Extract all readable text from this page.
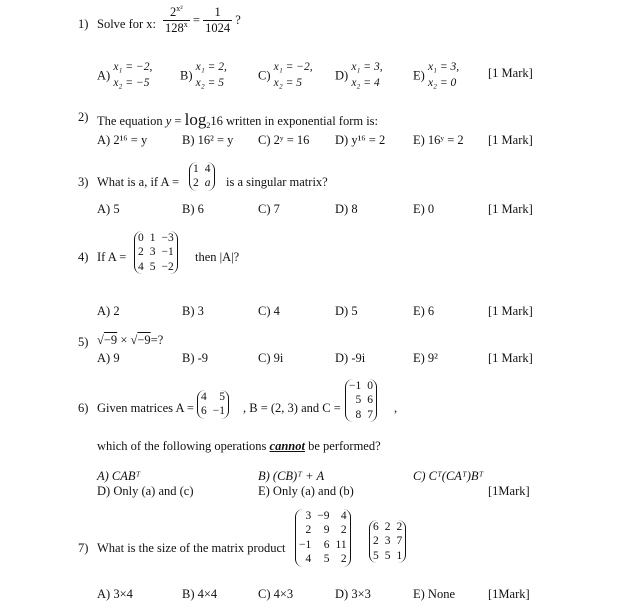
1) Solve for x: $\frac{2^{x^2}}{128^x} = \frac{1}{1024}$ ?
A) x₁ = −2,
x₂ = −5
B) x₁ = 2,
x₂ = 5
C) x₁ = −2,
x₂ = 5
D) x₁ = 3,
x₂ = 4
E) x₁ = 3,
x₂ = 0
[1 Mark]
2) The equation $y = \log_216$ written in exponential form is:
A) 2¹⁶ = y	B) 16² = y C) 2ʸ = 16 D) y¹⁶ = 2 E) 16ʸ = 2 [1 Mark]
3) What is a, if A =
1	4
2	a is a singular matrix?
A) 5	B) 6	C) 7	D) 8	E) 0	[1 Mark]
4) If A =
0	1	−3
2	3	−1
4	5	−2
then |A|?
A) 2	B) 3	C) 4	D) 5	E) 6	[1 Mark]
5) √−9 × √−9=?
A) 9	B) -9	C) 9i	D) -9i	E) 9²	[1 Mark]
6) Given matrices A =
4	5
6	−1 , B = (2, 3) and C =
−1	0
5	6
8	7 ,
which of the following operations cannot be performed?
A) CABᵀ	B) (CB)ᵀ + A	C) Cᵀ(CAᵀ)Bᵀ
D) Only (a) and (c)	E) Only (a) and (b)	[1Mark]
7) What is the size of the matrix product
3	−9	4
2	9	2
−1	6	11
4	5	2
6	2	2
2	3	7
5	5	1
A) 3×4	B) 4×4	C) 4×3	D) 3×3	E) None	[1Mark]
